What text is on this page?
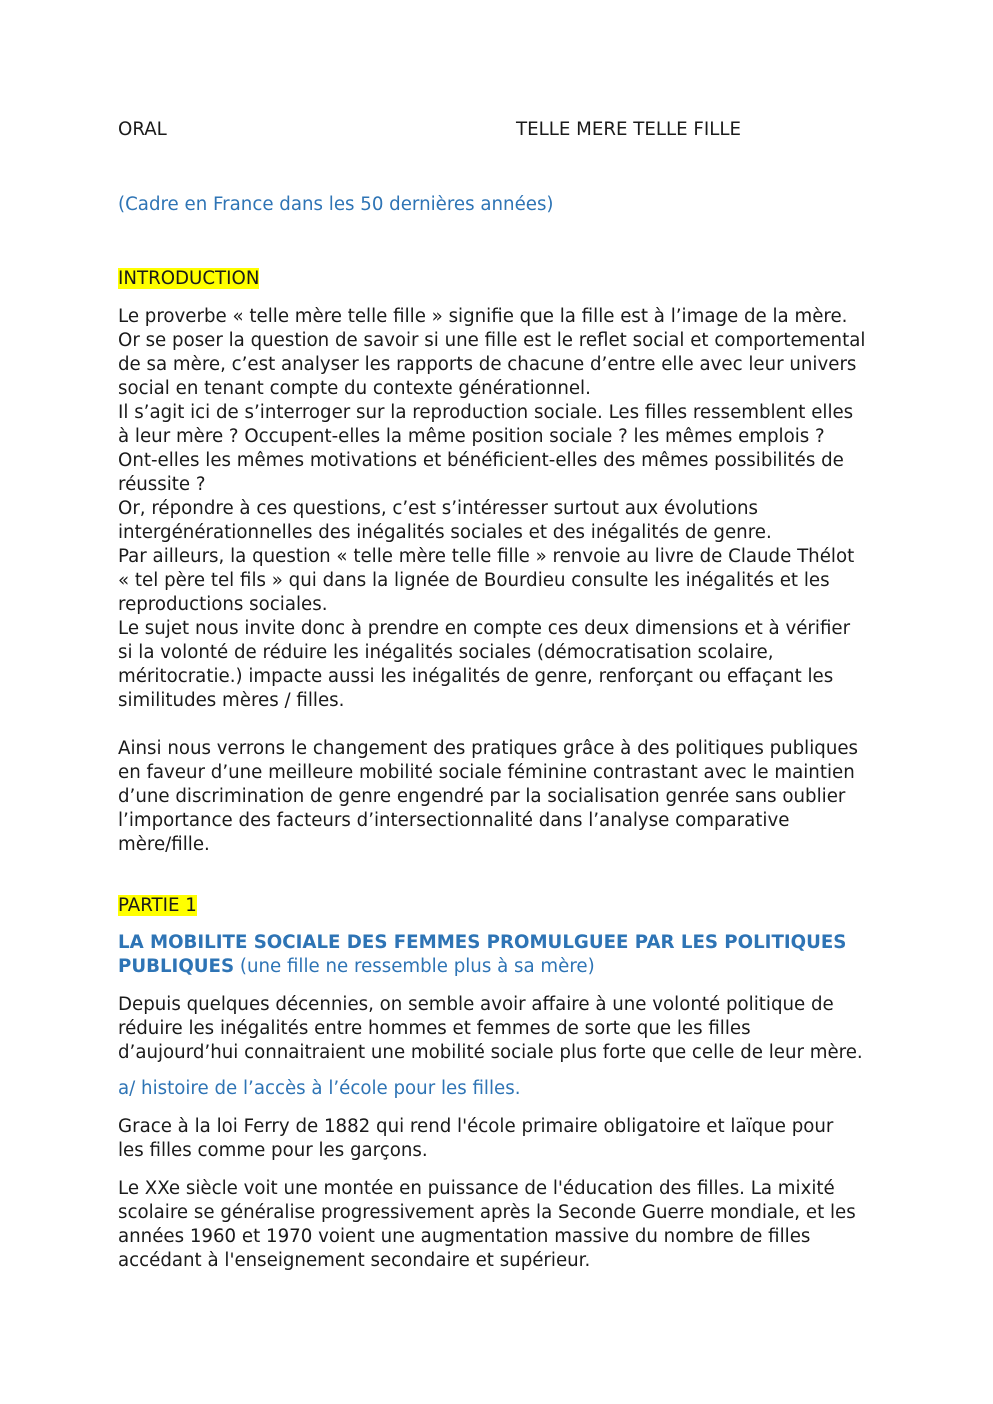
ORAL	TELLE MERE TELLE FILLE
(Cadre en France dans les 50 dernières années)
INTRODUCTION

Le proverbe « telle mère telle fille » signifie que la fille est à l’image de la mère.

Or se poser la question de savoir si une fille est le reflet social et comportemental

de sa mère, c’est analyser les rapports de chacune d’entre elle avec leur univers

social en tenant compte du contexte générationnel.

Il s’agit ici de s’interroger sur la reproduction sociale. Les filles ressemblent elles

à leur mère ? Occupent-elles la même position sociale ? les mêmes emplois ?

Ont-elles les mêmes motivations et bénéficient-elles des mêmes possibilités de

réussite ?

Or, répondre à ces questions, c’est s’intéresser surtout aux évolutions

intergénérationnelles des inégalités sociales et des inégalités de genre.

Par ailleurs, la question « telle mère telle fille » renvoie au livre de Claude Thélot

« tel père tel fils » qui dans la lignée de Bourdieu consulte les inégalités et les

reproductions sociales.

Le sujet nous invite donc à prendre en compte ces deux dimensions et à vérifier

si la volonté de réduire les inégalités sociales (démocratisation scolaire,

méritocratie.) impacte aussi les inégalités de genre, renforçant ou effaçant les

similitudes mères / filles.

Ainsi nous verrons le changement des pratiques grâce à des politiques publiques

en faveur d’une meilleure mobilité sociale féminine contrastant avec le maintien

d’une discrimination de genre engendré par la socialisation genrée sans oublier

l’importance des facteurs d’intersectionnalité dans l’analyse comparative

mère/fille.

PARTIE 1

LA MOBILITE SOCIALE DES FEMMES PROMULGUEE PAR LES POLITIQUES

PUBLIQUES (une fille ne ressemble plus à sa mère)

Depuis quelques décennies, on semble avoir affaire à une volonté politique de

réduire les inégalités entre hommes et femmes de sorte que les filles

d’aujourd’hui connaitraient une mobilité sociale plus forte que celle de leur mère.

a/ histoire de l’accès à l’école pour les filles.

Grace à la loi Ferry de 1882 qui rend l'école primaire obligatoire et laïque pour

les filles comme pour les garçons.

Le XXe siècle voit une montée en puissance de l'éducation des filles. La mixité

scolaire se généralise progressivement après la Seconde Guerre mondiale, et les

années 1960 et 1970 voient une augmentation massive du nombre de filles

accédant à l'enseignement secondaire et supérieur.
